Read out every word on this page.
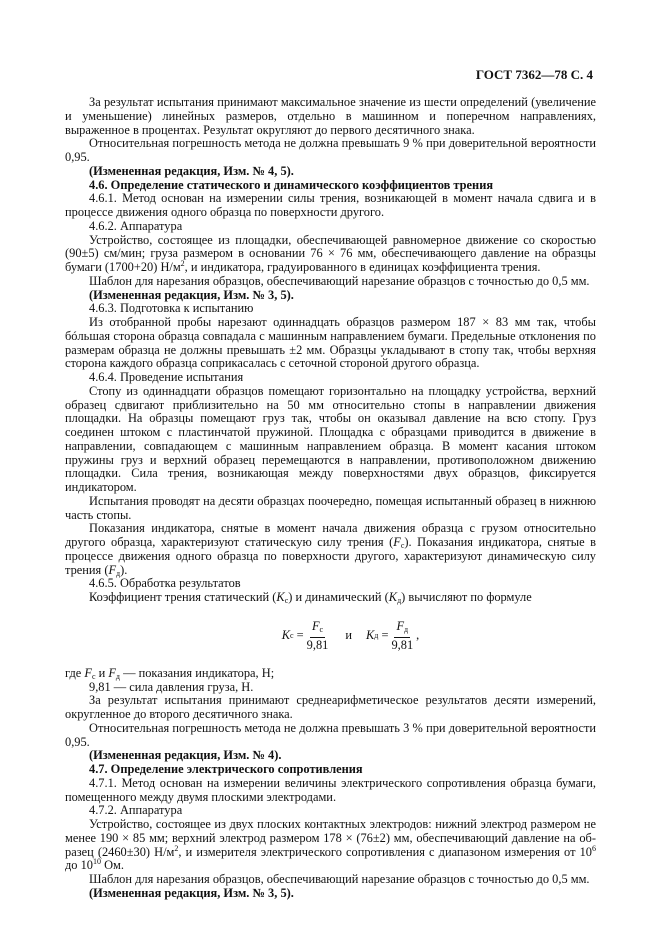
ГОСТ 7362—78 С. 4

За результат испытания принимают максимальное значение из шести определений (увеличение и уменьшение) линейных размеров, отдельно в машинном и поперечном направлениях, выраженное в процентах. Результат округляют до первого десятичного знака.

Относительная погрешность метода не должна превышать 9 % при доверительной вероятности 0,95.

(Измененная редакция, Изм. № 4, 5).

4.6. Определение статического и динамического коэффициентов трения

4.6.1. Метод основан на измерении силы трения, возникающей в момент начала сдвига и в процессе движения одного образца по поверхности другого.

4.6.2. Аппаратура

Устройство, состоящее из площадки, обеспечивающей равномерное движение со скоростью (90±5) см/мин; груза размером в основании 76 × 76 мм, обеспечивающего давление на образцы бумаги (1700+20) $Н/м^2$, и индикатора, градуированного в единицах коэффициента трения.

Шаблон для нарезания образцов, обеспечивающий нарезание образцов с точностью до 0,5 мм.

(Измененная редакция, Изм. № 3, 5).

4.6.3. Подготовка к испытанию

Из отобранной пробы нарезают одиннадцать образцов размером 187 × 83 мм так, чтобы бóльшая сторона образца совпадала с машинным направлением бумаги. Предельные отклонения по размерам образца не должны превышать ±2 мм. Образцы укладывают в стопу так, чтобы верхняя сторона каждого образца соприкасалась с сеточной стороной другого образца.

4.6.4. Проведение испытания

Стопу из одиннадцати образцов помещают горизонтально на площадку устройства, верхний образец сдвигают приблизительно на 50 мм относительно стопы в направлении движения площадки. На образцы помещают груз так, чтобы он оказывал давление на всю стопу. Груз соединен штоком с пластинчатой пружиной. Площадка с образцами приводится в движение в направлении, совпадающем с машинным направлением образца. В момент касания штоком пружины груз и верхний образец перемещаются в направлении, противоположном движению площадки. Сила трения, возникающая между поверхностями двух образцов, фиксируется индикатором.

Испытания проводят на десяти образцах поочередно, помещая испытанный образец в нижнюю часть стопы.

Показания индикатора, снятые в момент начала движения образца с грузом относительно другого образца, характеризуют статическую силу трения $(F_с)$. Показания индикатора, снятые в процессе движения одного образца по поверхности другого, характеризуют динамическую силу трения $(F_д)$.

4.6.5. Обработка результатов

Коэффициент трения статический $(K_с)$ и динамический $(K_д)$ вычисляют по формуле

K с
= $\frac{F_с}{9,81}$ и K д
= $\frac{F_д}{9,81}$ ,

где $F_с$ и $F_д$ — показания индикатора, Н;

9,81 — сила давления груза, Н.

За результат испытания принимают среднеарифметическое результатов десяти измерений, округленное до второго десятичного знака.

Относительная погрешность метода не должна превышать 3 % при доверительной вероятности 0,95.

(Измененная редакция, Изм. № 4).

4.7. Определение электрического сопротивления

4.7.1. Метод основан на измерении величины электрического сопротивления образца бумаги, помещенного между двумя плоскими электродами.

4.7.2. Аппаратура

Устройство, состоящее из двух плоских контактных электродов: нижний электрод размером не менее 190 × 85 мм; верхний электрод размером 178 × (76±2) мм, обеспечивающий давление на образец (2460±30) $Н/м^2$, и измерителя электрического сопротивления с диапазоном измерения от $10^6$ до $10^{10}$ Ом.

Шаблон для нарезания образцов, обеспечивающий нарезание образцов с точностью до 0,5 мм.

(Измененная редакция, Изм. № 3, 5).
